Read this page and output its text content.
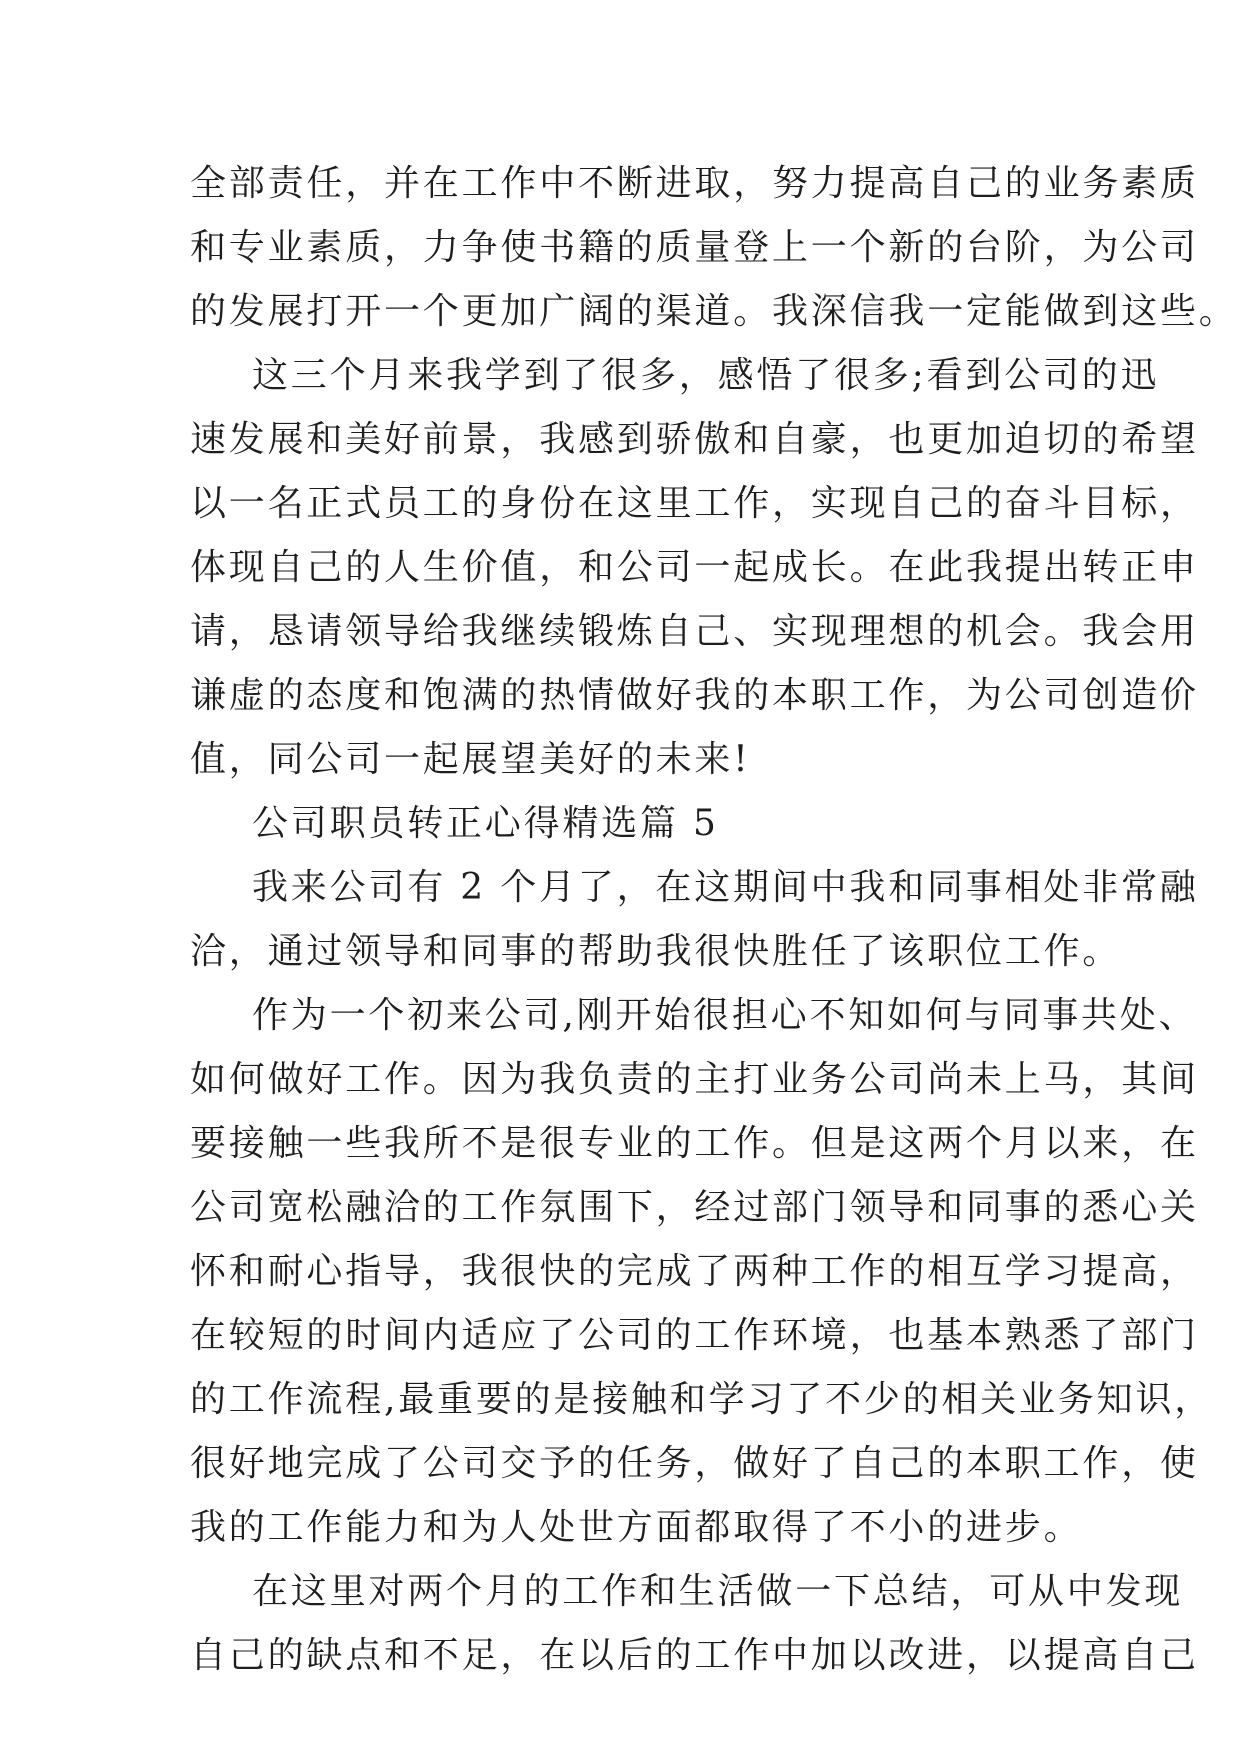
全部责任，并在工作中不断进取，努力提高自己的业务素质

和专业素质，力争使书籍的质量登上一个新的台阶，为公司

的发展打开一个更加广阔的渠道。我深信我一定能做到这些。

这三个月来我学到了很多，感悟了很多;看到公司的迅

速发展和美好前景，我感到骄傲和自豪，也更加迫切的希望

以一名正式员工的身份在这里工作，实现自己的奋斗目标，

体现自己的人生价值，和公司一起成长。在此我提出转正申

请，恳请领导给我继续锻炼自己、实现理想的机会。我会用

谦虚的态度和饱满的热情做好我的本职工作，为公司创造价

值，同公司一起展望美好的未来!

公司职员转正心得精选篇 5

我来公司有 2 个月了，在这期间中我和同事相处非常融

洽，通过领导和同事的帮助我很快胜任了该职位工作。

作为一个初来公司,刚开始很担心不知如何与同事共处、

如何做好工作。因为我负责的主打业务公司尚未上马，其间

要接触一些我所不是很专业的工作。但是这两个月以来，在

公司宽松融洽的工作氛围下，经过部门领导和同事的悉心关

怀和耐心指导，我很快的完成了两种工作的相互学习提高，

在较短的时间内适应了公司的工作环境，也基本熟悉了部门

的工作流程,最重要的是接触和学习了不少的相关业务知识，

很好地完成了公司交予的任务，做好了自己的本职工作，使

我的工作能力和为人处世方面都取得了不小的进步。

在这里对两个月的工作和生活做一下总结，可从中发现

自己的缺点和不足，在以后的工作中加以改进，以提高自己
